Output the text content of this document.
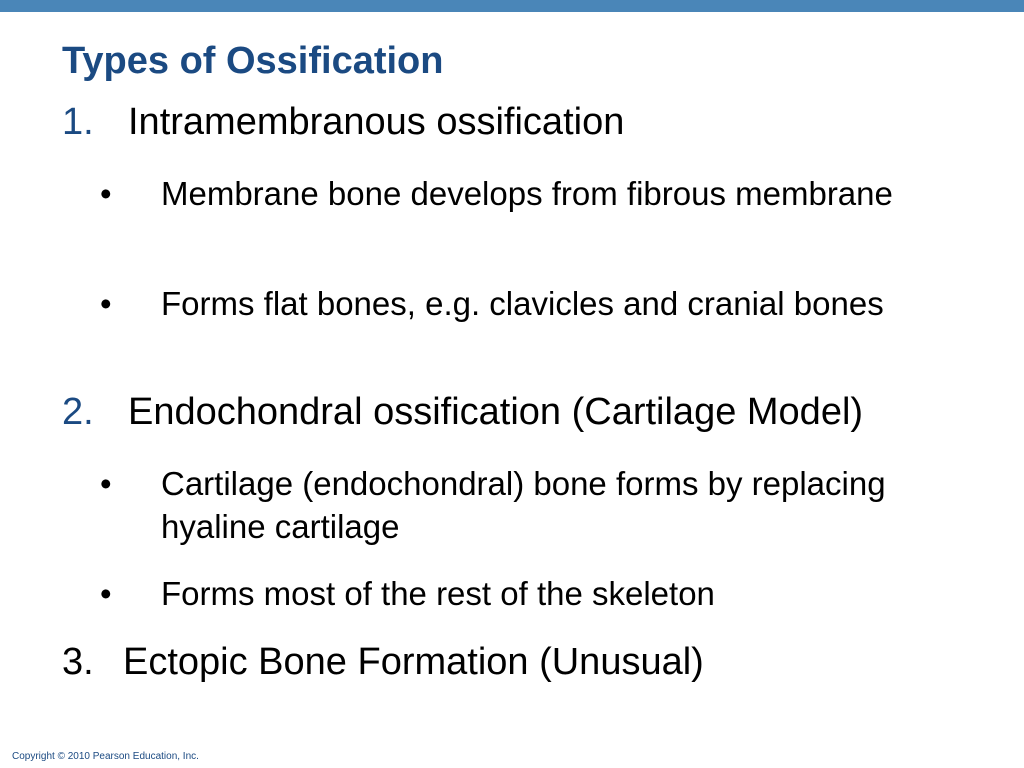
Types of Ossification
1. Intramembranous ossification
• Membrane bone develops from fibrous membrane
• Forms flat bones, e.g. clavicles and cranial bones
2. Endochondral ossification (Cartilage Model)
• Cartilage (endochondral) bone forms by replacing hyaline cartilage
• Forms most of the rest of the skeleton
3. Ectopic Bone Formation (Unusual)
Copyright © 2010 Pearson Education, Inc.
